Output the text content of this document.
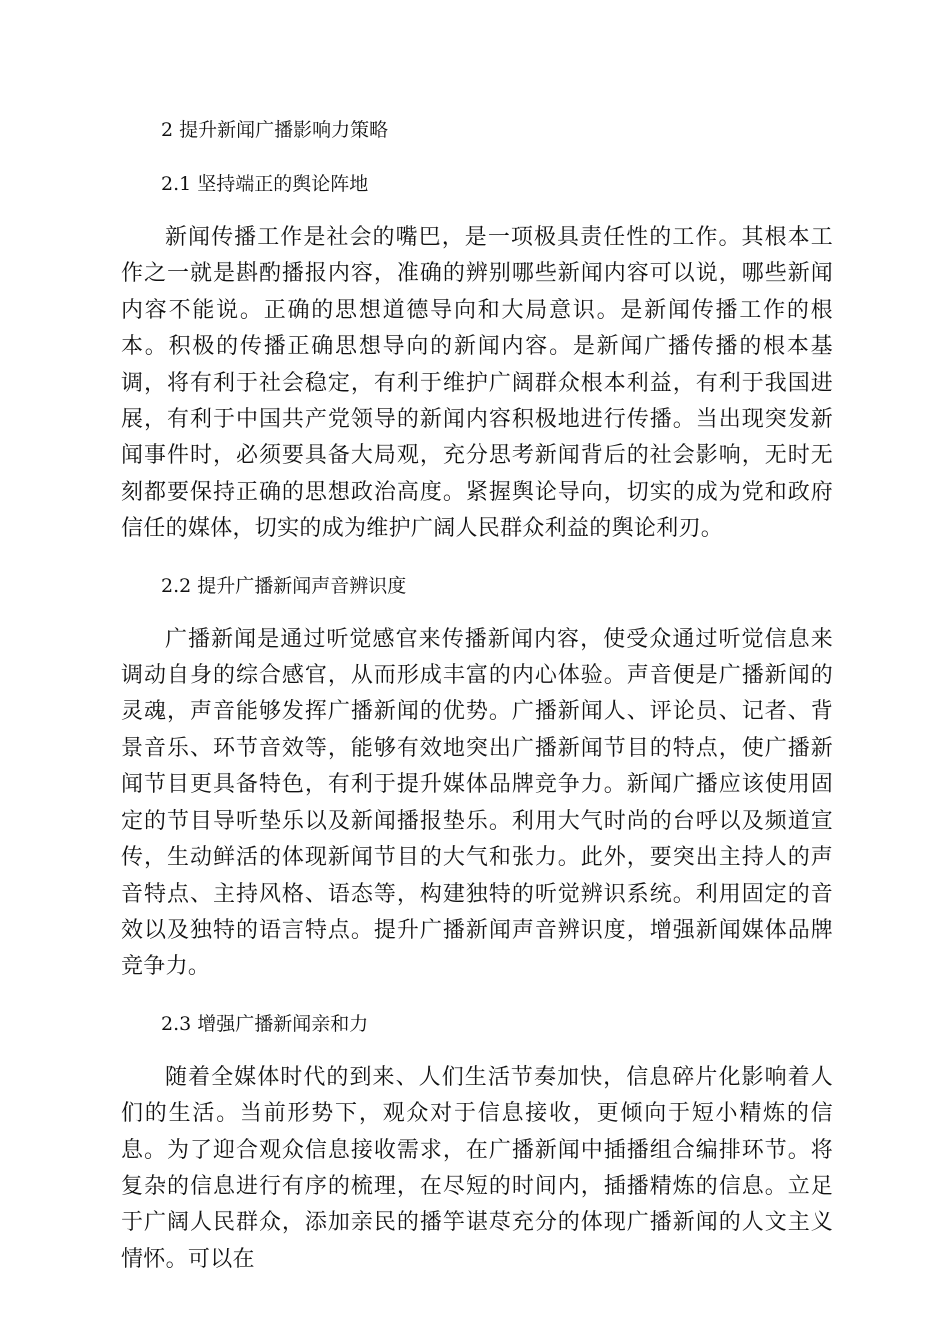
2 提升新闻广播影响力策略
2.1 坚持端正的舆论阵地

新闻传播工作是社会的嘴巴，是一项极具责任性的工作。其根本工作之一就是斟酌播报内容，准确的辨别哪些新闻内容可以说，哪些新闻内容不能说。正确的思想道德导向和大局意识。是新闻传播工作的根本。积极的传播正确思想导向的新闻内容。是新闻广播传播的根本基调，将有利于社会稳定，有利于维护广阔群众根本利益，有利于我国进展，有利于中国共产党领导的新闻内容积极地进行传播。当出现突发新闻事件时，必须要具备大局观，充分思考新闻背后的社会影响，无时无刻都要保持正确的思想政治高度。紧握舆论导向，切实的成为党和政府信任的媒体，切实的成为维护广阔人民群众利益的舆论利刃。

2.2 提升广播新闻声音辨识度

广播新闻是通过听觉感官来传播新闻内容，使受众通过听觉信息来调动自身的综合感官，从而形成丰富的内心体验。声音便是广播新闻的灵魂，声音能够发挥广播新闻的优势。广播新闻人、评论员、记者、背景音乐、环节音效等，能够有效地突出广播新闻节目的特点，使广播新闻节目更具备特色，有利于提升媒体品牌竞争力。新闻广播应该使用固定的节目导听垫乐以及新闻播报垫乐。利用大气时尚的台呼以及频道宣传，生动鲜活的体现新闻节目的大气和张力。此外，要突出主持人的声音特点、主持风格、语态等，构建独特的听觉辨识系统。利用固定的音效以及独特的语言特点。提升广播新闻声音辨识度，增强新闻媒体品牌竞争力。

2.3 增强广播新闻亲和力

随着全媒体时代的到来、人们生活节奏加快，信息碎片化影响着人们的生活。当前形势下，观众对于信息接收，更倾向于短小精炼的信息。为了迎合观众信息接收需求，在广播新闻中插播组合编排环节。将复杂的信息进行有序的梳理，在尽短的时间内，插播精炼的信息。立足于广阔人民群众，添加亲民的播竽谌荩充分的体现广播新闻的人文主义情怀。可以在
